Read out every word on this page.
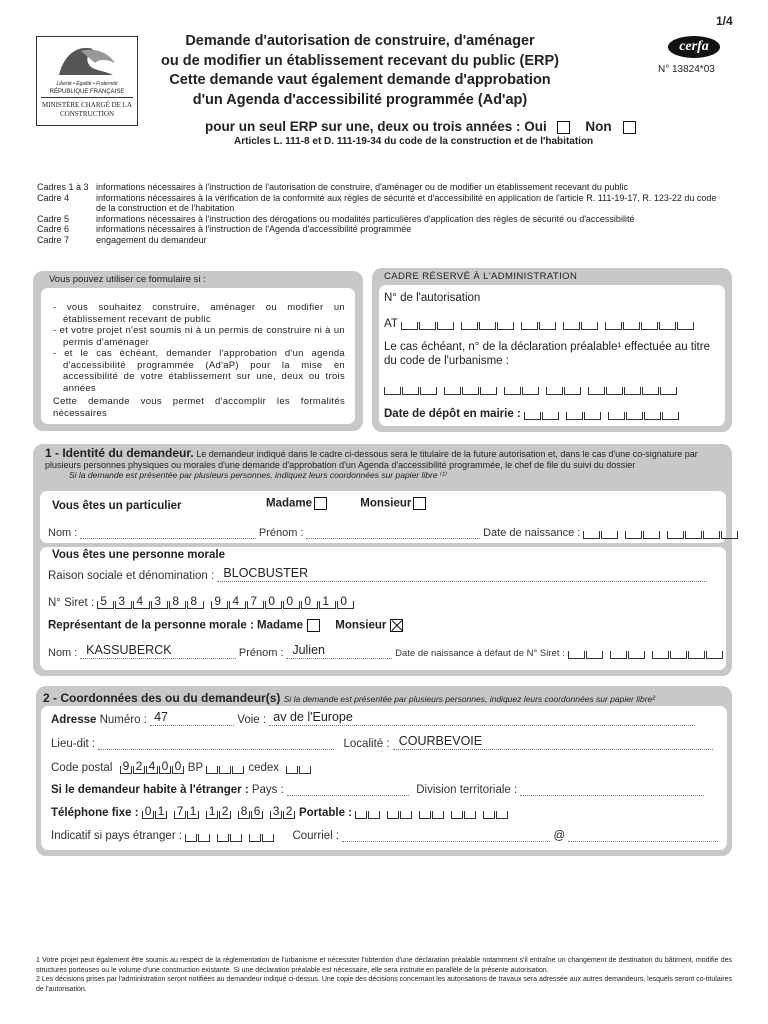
1/4
Liberté • Égalité • Fraternité
RÉPUBLIQUE FRANÇAISE
MINISTÈRE CHARGÉ DE LA CONSTRUCTION
Demande d'autorisation de construire, d'aménager
ou de modifier un établissement recevant du public (ERP)
Cette demande vaut également demande d'approbation
d'un Agenda d'accessibilité programmée (Ad'ap)
cerfa
N° 13824*03
pour un seul ERP sur une, deux ou trois années : Oui	Non
Articles L. 111-8 et D. 111-19-34 du code de la construction et de l'habitation
Cadres 1 à 3 informations nécessaires à l'instruction de l'autorisation de construire, d'aménager ou de modifier un établissement recevant du public
Cadre 4	informations nécessaires à la vérification de la conformité aux règles de sécurité et d'accessibilité en application de l'article R. 111-19-17, R. 123-22 du code de la construction et de l'habitation
Cadre 5	informations nécessaires à l'instruction des dérogations ou modalités particulières d'application des règles de sécurité ou d'accessibilité
Cadre 6	informations nécessaires à l'instruction de l'Agenda d'accessibilité programmée
Cadre 7	engagement du demandeur
Vous pouvez utiliser ce formulaire si :
- vous souhaitez construire, aménager ou modifier un établissement recevant de public
- et votre projet n'est soumis ni à un permis de construire ni à un permis d'aménager
- et le cas échéant, demander l'approbation d'un agenda d'accessibilité programmée (Ad'aP) pour la mise en accessibilité de votre établissement sur une, deux ou trois années
Cette demande vous permet d'accomplir les formalités nécessaires
CADRE RÉSERVÉ À L'ADMINISTRATION
N° de l'autorisation
AT
Le cas échéant, n° de la déclaration préalable¹ effectuée au titre du code de l'urbanisme :
Date de dépôt en mairie :
1 - Identité du demandeur. Le demandeur indiqué dans le cadre ci-dessous sera le titulaire de la future autorisation et, dans le cas d'une co-signature par plusieurs personnes physiques ou morales d'une demande d'approbation d'un Agenda d'accessibilité programmée, le chef de file du suivi du dossier
Si la demande est présentée par plusieurs personnes, indiquez leurs coordonnées sur papier libre ⁽¹⁾
Vous êtes un particulier	Madame	Monsieur
Nom :	Prénom :	Date de naissance :
Vous êtes une personne morale
Raison sociale et dénomination : BLOCBUSTER
N° Siret : 5 3 4 3 8 8 9 4 7 0 0 0 1 0
Représentant de la personne morale : Madame	Monsieur
Nom : KASSUBERCK	Prénom : Julien	Date de naissance à défaut de N° Siret :
2 - Coordonnées des ou du demandeur(s) Si la demande est présentée par plusieurs personnes, indiquez leurs coordonnées sur papier libre²
Adresse Numéro : 47	Voie : av de l'Europe
Lieu-dit :	Localité : COURBEVOIE
Code postal 9 2 4 0 0 BP	cedex
Si le demandeur habite à l'étranger : Pays :	Division territoriale :
Téléphone fixe : 0 1 7 1 1 2 8 6 3 2 Portable :
Indicatif si pays étranger :	Courriel :	@
1 Votre projet peut également être soumis au respect de la réglementation de l'urbanisme et nécessiter l'obtention d'une déclaration préalable notamment s'il entraîne un changement de destination du bâtiment, modifie des structures porteuses ou le volume d'une construction existante. Si une déclaration préalable est nécessaire, elle sera instruite en parallèle de la présente autorisation.
2 Les décisions prises par l'administration seront notifiées au demandeur indiqué ci-dessus. Une copie des décisions concernant les autorisations de travaux sera adressée aux autres demandeurs, lesquels seront co-titulaires de l'autorisation.
